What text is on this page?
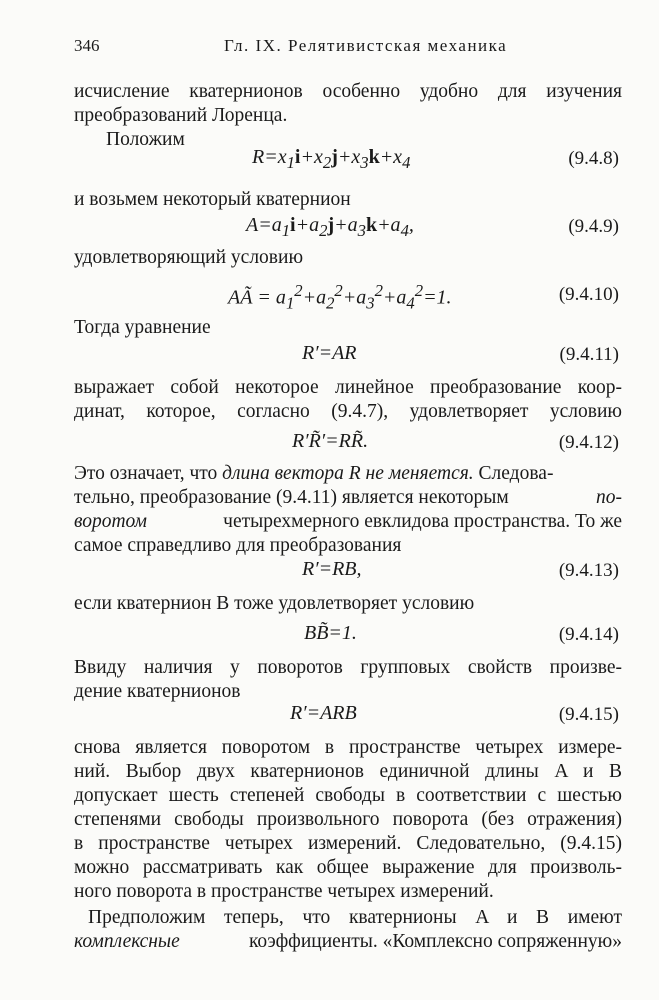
346	Гл. IX. Релятивистская механика
исчисление кватернионов особенно удобно для изучения
преобразований Лоренца.
Положим
$R=x_1i+x_2j+x_3k+x_4$	(9.4.8)
и возьмем некоторый кватернион
$A=a_1i+a_2j+a_3k+a_4$,	(9.4.9)
удовлетворяющий условию
AÃ = $a_1^2+a_2^2+a_3^2+a_4^2=1$.	(9.4.10)
Тогда уравнение
R′=AR	(9.4.11)
выражает собой некоторое линейное преобразование коор-
динат, которое, согласно (9.4.7), удовлетворяет условию
R′R̃′=RR̃.	(9.4.12)
Это означает, что длина вектора R не меняется. Следова-
тельно, преобразование (9.4.11) является некоторым	по-
воротом	четырехмерного евклидова пространства. То же
самое справедливо для преобразования
R′=RB,	(9.4.13)
если кватернион B тоже удовлетворяет условию
BB̃=1.	(9.4.14)
Ввиду наличия у поворотов групповых свойств произве-
дение кватернионов
R′=ARB	(9.4.15)
снова является поворотом в пространстве четырех измере-
ний. Выбор двух кватернионов единичной длины A и B
допускает шесть степеней свободы в соответствии с шестью
степенями свободы произвольного поворота (без отражения)
в пространстве четырех измерений. Следовательно, (9.4.15)
можно рассматривать как общее выражение для произволь-
ного поворота в пространстве четырех измерений.
Предположим теперь, что кватернионы A и B имеют
комплексные	коэффициенты. «Комплексно сопряженную»
